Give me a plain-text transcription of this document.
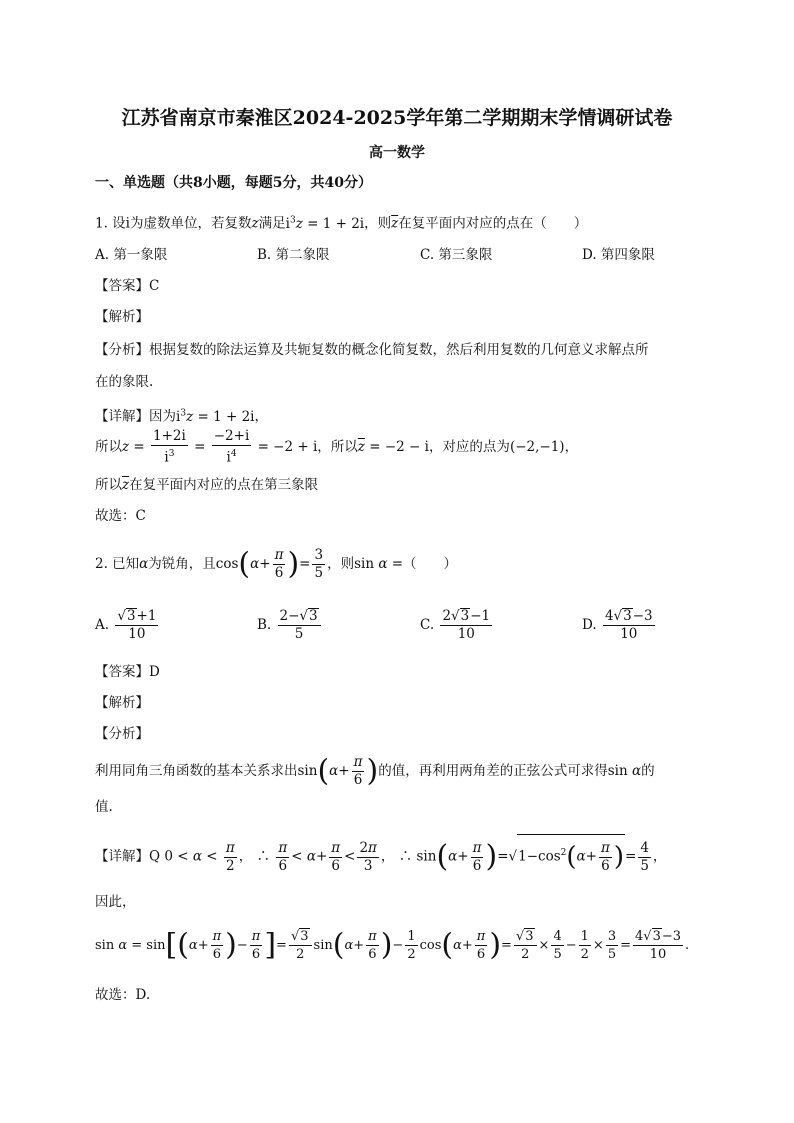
江苏省南京市秦淮区2024-2025学年第二学期期末学情调研试卷
高一数学
一、单选题（共8小题，每题5分，共40分）
1. 设i为虚数单位，若复数z满足$i^3z = 1 + 2i$，则$\overline{z}$在复平面内对应的点在（　　）
A. 第一象限	B. 第二象限	C. 第三象限	D. 第四象限
【答案】C
【解析】
【分析】根据复数的除法运算及共轭复数的概念化简复数，然后利用复数的几何意义求解点所
在的象限.
【详解】因为$i^3z = 1 + 2i$，
所以$z = \frac{1+2i}{i^3} = \frac{-2+i}{i^4} = -2 + i$，所以$\overline{z} = -2 - i$，对应的点为(−2,−1)，
所以$\overline{z}$在复平面内对应的点在第三象限
故选：C
2. 已知α为锐角，且$\cos(\alpha+ \frac{\pi}{6}$ )= $\frac{3}{5}$ ，则sin α =（　　）
A. $\frac{√3+1}{10}$	B. $\frac{2-√3}{5}$	C. $\frac{2√3-1}{10}$	D. $\frac{4√3-3}{10}$
【答案】D
【解析】
【分析】
利用同角三角函数的基本关系求出$\sin(\alpha+ \frac{\pi}{6}$ )的值，再利用两角差的正弦公式可求得sin α的
值.
【详解】Q $0 < \alpha < \frac{\pi}{2}$ ， ∴ $\frac{\pi}{6} < \alpha+ \frac{\pi}{6} < \frac{2\pi}{3}$ ， ∴ $\sin(\alpha+ \frac{\pi}{6} )=√1-\cos^2(\alpha+ \frac{\pi}{6}$ )= $\frac{4}{5}$ ，
因此，
$\sin \alpha = \sin[(\alpha+ \frac{\pi}{6}$ )− $\frac{\pi}{6}$ ]= $\frac{√3}{2} \sin(\alpha+ \frac{\pi}{6}$ )− $\frac{1}{2} \cos(\alpha+ \frac{\pi}{6}$ )= $\frac{√3}{2} \times \frac{4}{5} - \frac{1}{2} \times \frac{3}{5} = \frac{4√3-3}{10}$ .
故选：D.
